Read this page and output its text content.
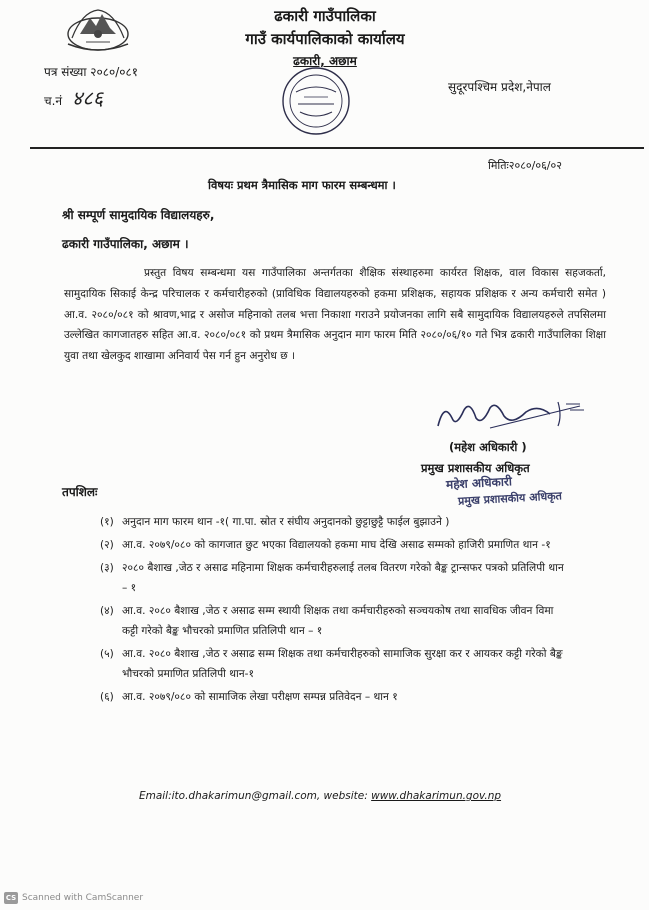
ढकारी गाउँपालिका
गाउँ कार्यपालिकाको कार्यालय
ढकारी, अछाम
पत्र संख्या २०८०/०८१
च.नं ४८६	सुदूरपश्चिम प्रदेश,नेपाल
मितिः२०८०/०६/०२
विषयः प्रथम त्रैमासिक माग फारम सम्बन्धमा ।
श्री सम्पूर्ण सामुदायिक विद्यालयहरु,
ढकारी गाउँपालिका, अछाम ।
प्रस्तुत विषय सम्बन्धमा यस गाउँपालिका अन्तर्गतका शैक्षिक संस्थाहरुमा कार्यरत शिक्षक, वाल विकास सहजकर्ता, सामुदायिक सिकाई केन्द्र परिचालक र कर्मचारीहरुको (प्राविधिक विद्यालयहरुको हकमा प्रशिक्षक, सहायक प्रशिक्षक र अन्य कर्मचारी समेत ) आ.व. २०८०/०८१ को श्रावण,भाद्र र असोज महिनाको तलब भत्ता निकाशा गराउने प्रयोजनका लागि सबै सामुदायिक विद्यालयहरुले तपसिलमा उल्लेखित कागजातहरु सहित आ.व. २०८०/०८१ को प्रथम त्रैमासिक अनुदान माग फारम मिति २०८०/०६/१० गते भित्र ढकारी गाउँपालिका शिक्षा युवा तथा खेलकुद शाखामा अनिवार्य पेस गर्न हुन अनुरोध छ ।
(महेश अधिकारी )
प्रमुख प्रशासकीय अधिकृत
महेश अधिकारी
प्रमुख प्रशासकीय अधिकृत
तपशिलः
(१) अनुदान माग फारम थान -१( गा.पा. स्रोत र संघीय अनुदानको छुट्टाछुट्टै फाईल बुझाउने )
(२) आ.व. २०७९/०८० को कागजात छुट भएका विद्यालयको हकमा माघ देखि असाढ सम्मको हाजिरी प्रमाणित थान -१
(३) २०८० बैशाख ,जेठ र असाढ महिनामा शिक्षक कर्मचारीहरुलाई तलब वितरण गरेको बैङ्क ट्रान्सफर पत्रको प्रतिलिपी थान – १
(४) आ.व. २०८० बैशाख ,जेठ र असाढ सम्म स्थायी शिक्षक तथा कर्मचारीहरुको सञ्चयकोष तथा सावधिक जीवन विमा कट्टी गरेको बैङ्क भौचरको प्रमाणित प्रतिलिपी थान – १
(५) आ.व. २०८० बैशाख ,जेठ र असाढ सम्म शिक्षक तथा कर्मचारीहरुको सामाजिक सुरक्षा कर र आयकर कट्टी गरेको बैङ्क भौचरको प्रमाणित प्रतिलिपी थान-१
(६) आ.व. २०७९/०८० को सामाजिक लेखा परीक्षण सम्पन्न प्रतिवेदन – थान १
Email:ito.dhakarimun@gmail.com, website: www.dhakarimun.gov.np
CS Scanned with CamScanner
